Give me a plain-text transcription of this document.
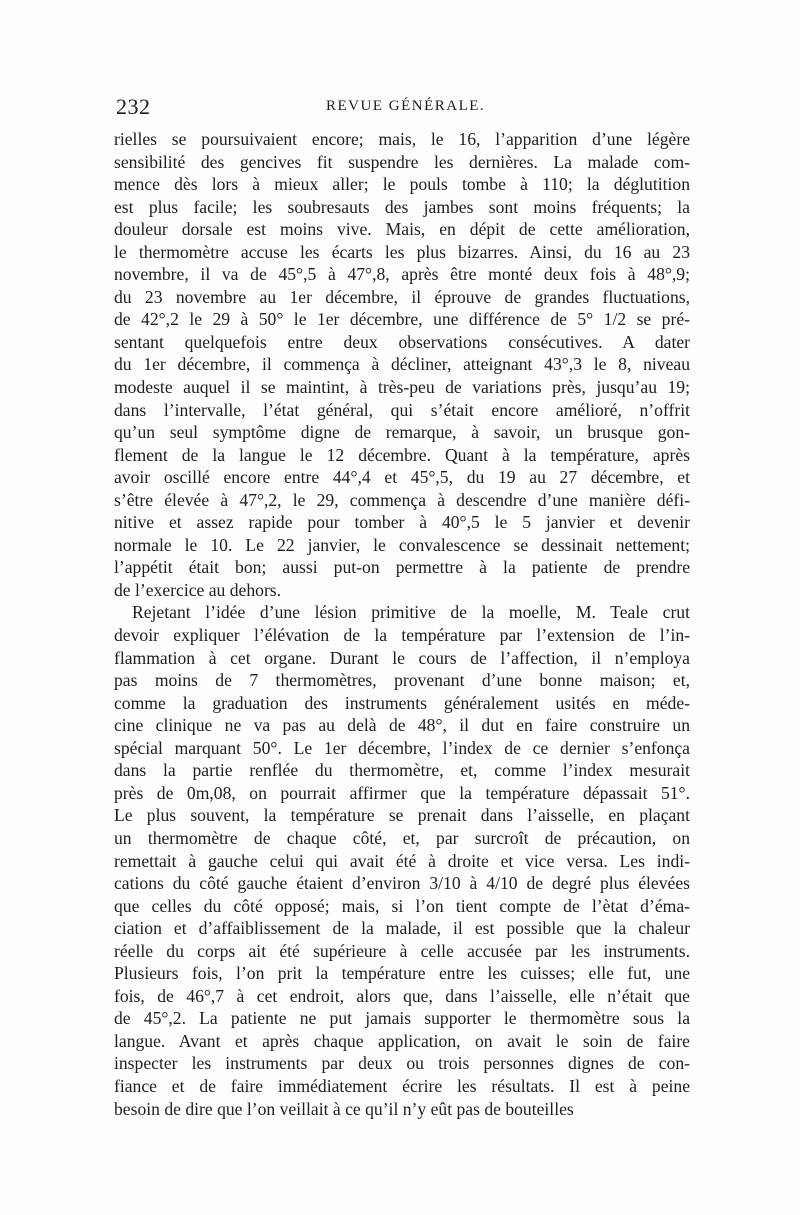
232	REVUE GÉNÉRALE.
rielles se poursuivaient encore; mais, le 16, l’apparition d’une légère
sensibilité des gencives fit suspendre les dernières. La malade com-
mence dès lors à mieux aller; le pouls tombe à 110; la déglutition
est plus facile; les soubresauts des jambes sont moins fréquents; la
douleur dorsale est moins vive. Mais, en dépit de cette amélioration,
le thermomètre accuse les écarts les plus bizarres. Ainsi, du 16 au 23
novembre, il va de 45°,5 à 47°,8, après être monté deux fois à 48°,9;
du 23 novembre au 1er décembre, il éprouve de grandes fluctuations,
de 42°,2 le 29 à 50° le 1er décembre, une différence de 5° 1/2 se pré-
sentant quelquefois entre deux observations consécutives. A dater
du 1er décembre, il commença à décliner, atteignant 43°,3 le 8, niveau
modeste auquel il se maintint, à très-peu de variations près, jusqu’au 19;
dans l’intervalle, l’état général, qui s’était encore amélioré, n’offrit
qu’un seul symptôme digne de remarque, à savoir, un brusque gon-
flement de la langue le 12 décembre. Quant à la température, après
avoir oscillé encore entre 44°,4 et 45°,5, du 19 au 27 décembre, et
s’être élevée à 47°,2, le 29, commença à descendre d’une manière défi-
nitive et assez rapide pour tomber à 40°,5 le 5 janvier et devenir
normale le 10. Le 22 janvier, le convalescence se dessinait nettement;
l’appétit était bon; aussi put-on permettre à la patiente de prendre
de l’exercice au dehors.
Rejetant l’idée d’une lésion primitive de la moelle, M. Teale crut
devoir expliquer l’élévation de la température par l’extension de l’in-
flammation à cet organe. Durant le cours de l’affection, il n’employa
pas moins de 7 thermomètres, provenant d’une bonne maison; et,
comme la graduation des instruments généralement usités en méde-
cine clinique ne va pas au delà de 48°, il dut en faire construire un
spécial marquant 50°. Le 1er décembre, l’index de ce dernier s’enfonça
dans la partie renflée du thermomètre, et, comme l’index mesurait
près de 0m,08, on pourrait affirmer que la température dépassait 51°.
Le plus souvent, la température se prenait dans l’aisselle, en plaçant
un thermomètre de chaque côté, et, par surcroît de précaution, on
remettait à gauche celui qui avait été à droite et vice versa. Les indi-
cations du côté gauche étaient d’environ 3/10 à 4/10 de degré plus élevées
que celles du côté opposé; mais, si l’on tient compte de l’ètat d’éma-
ciation et d’affaiblissement de la malade, il est possible que la chaleur
réelle du corps ait été supérieure à celle accusée par les instruments.
Plusieurs fois, l’on prit la température entre les cuisses; elle fut, une
fois, de 46°,7 à cet endroit, alors que, dans l’aisselle, elle n’était que
de 45°,2. La patiente ne put jamais supporter le thermomètre sous la
langue. Avant et après chaque application, on avait le soin de faire
inspecter les instruments par deux ou trois personnes dignes de con-
fiance et de faire immédiatement écrire les résultats. Il est à peine
besoin de dire que l’on veillait à ce qu’il n’y eût pas de bouteilles
